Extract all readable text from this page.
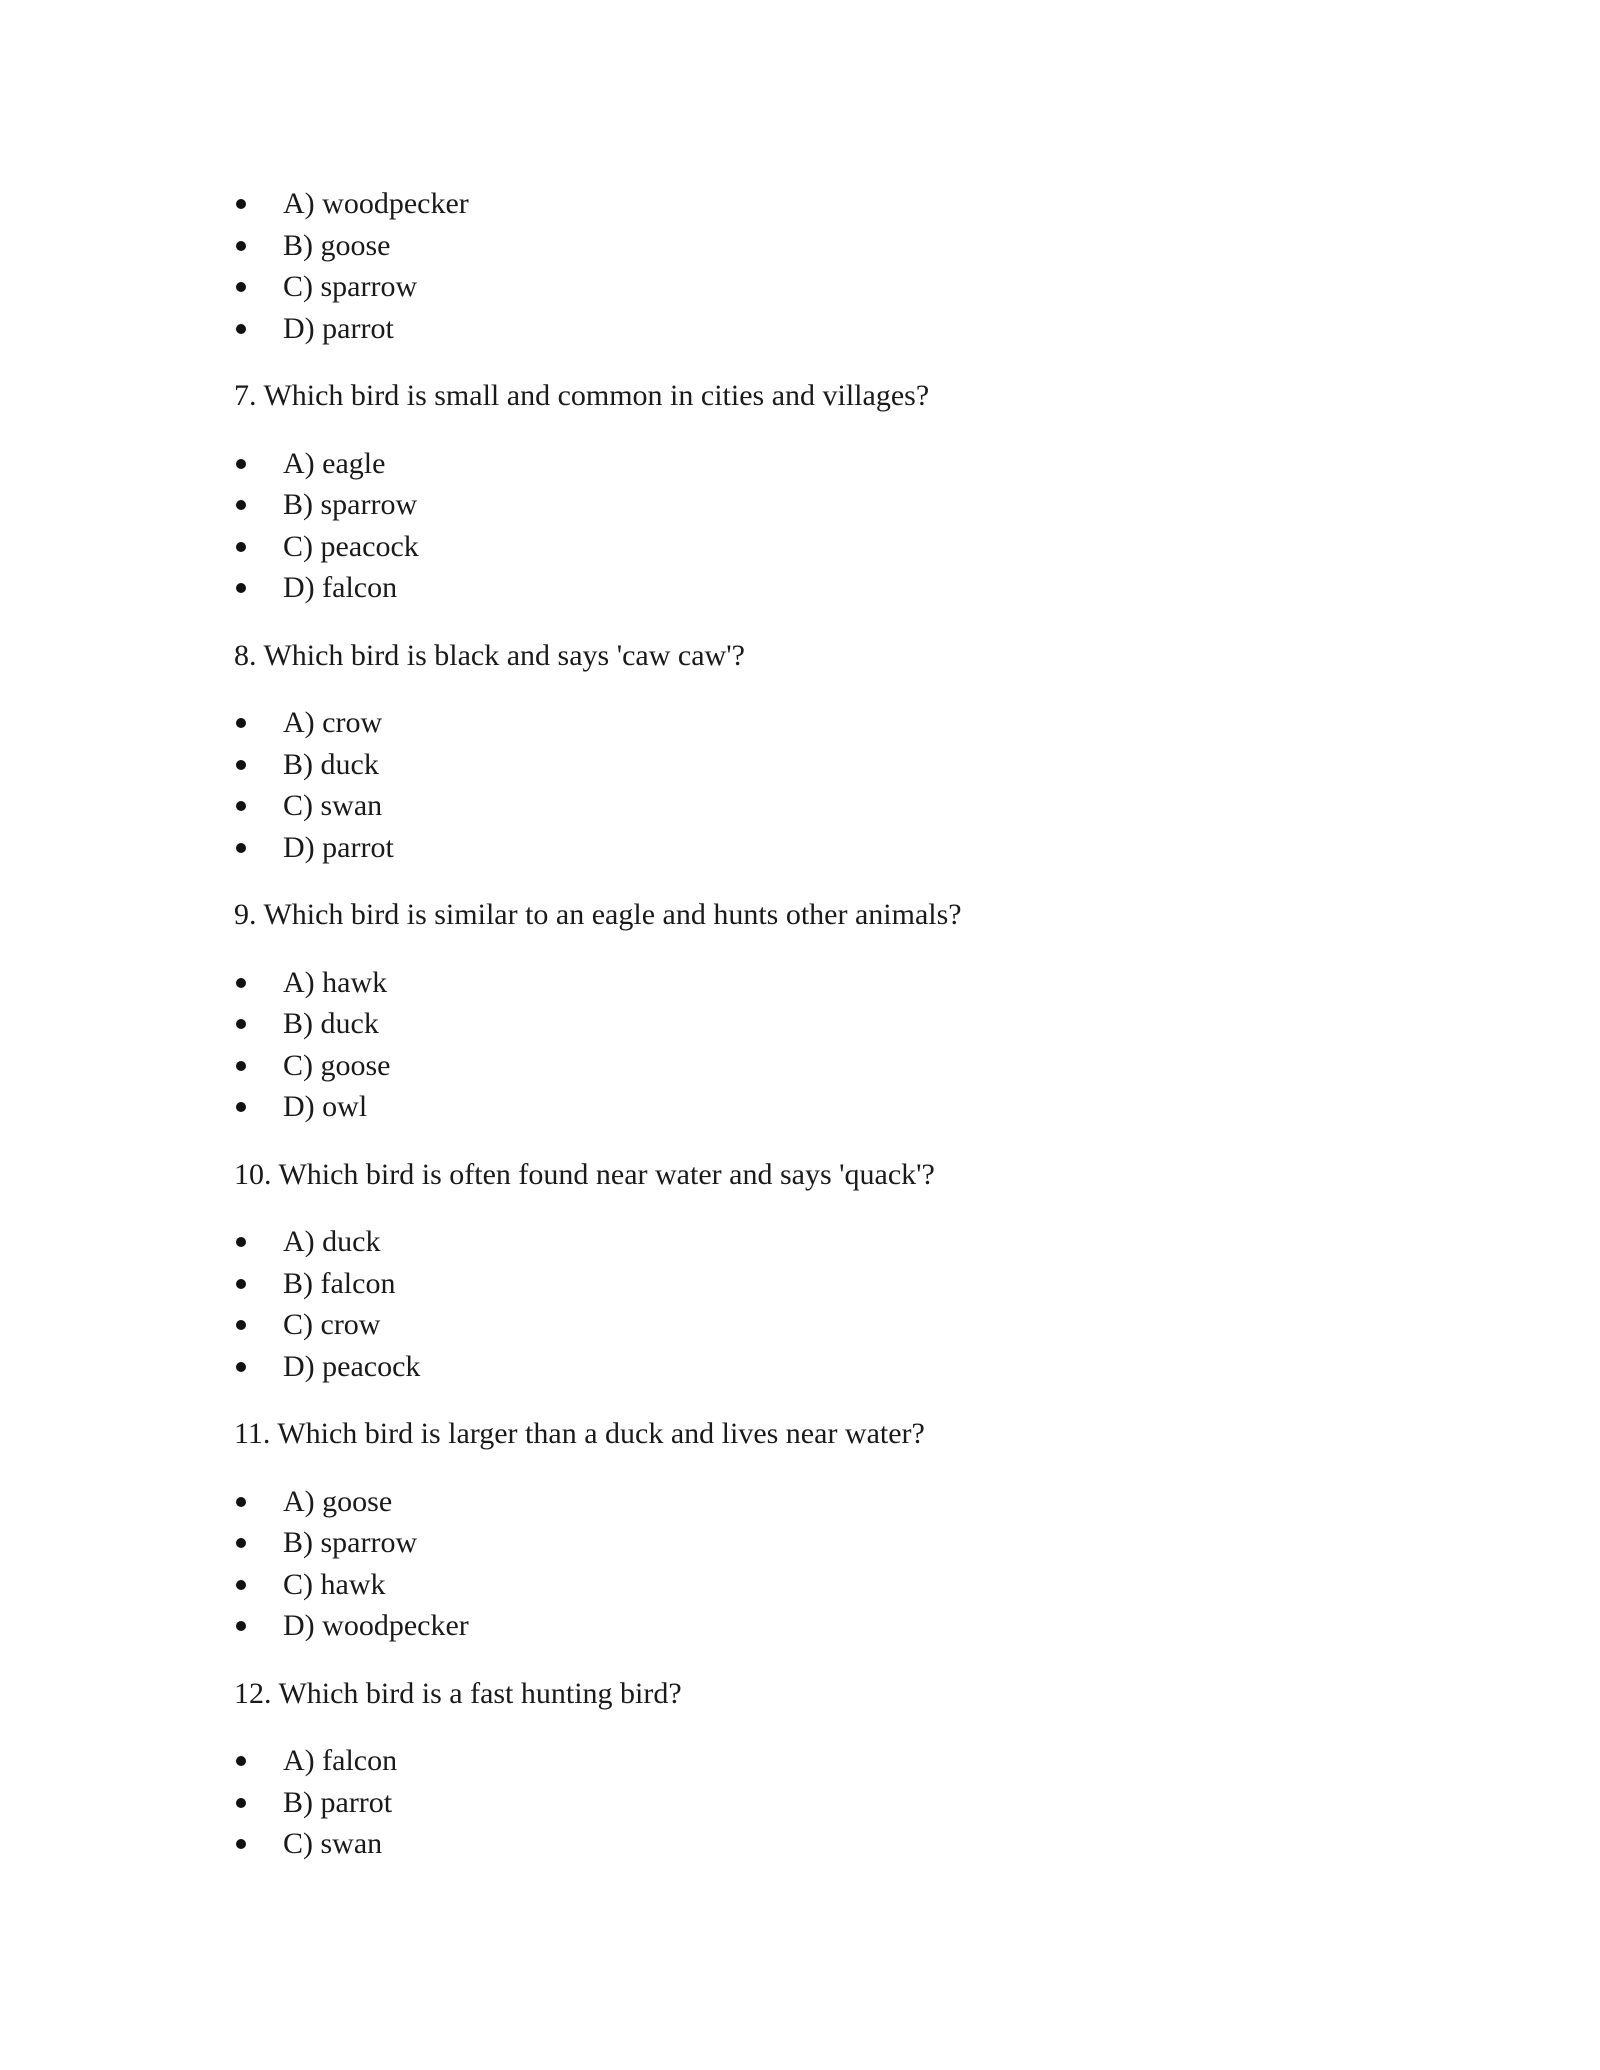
A) woodpecker
B) goose
C) sparrow
D) parrot

7. Which bird is small and common in cities and villages?

A) eagle
B) sparrow
C) peacock
D) falcon

8. Which bird is black and says 'caw caw'?

A) crow
B) duck
C) swan
D) parrot

9. Which bird is similar to an eagle and hunts other animals?

A) hawk
B) duck
C) goose
D) owl

10. Which bird is often found near water and says 'quack'?

A) duck
B) falcon
C) crow
D) peacock

11. Which bird is larger than a duck and lives near water?

A) goose
B) sparrow
C) hawk
D) woodpecker

12. Which bird is a fast hunting bird?

A) falcon
B) parrot
C) swan
